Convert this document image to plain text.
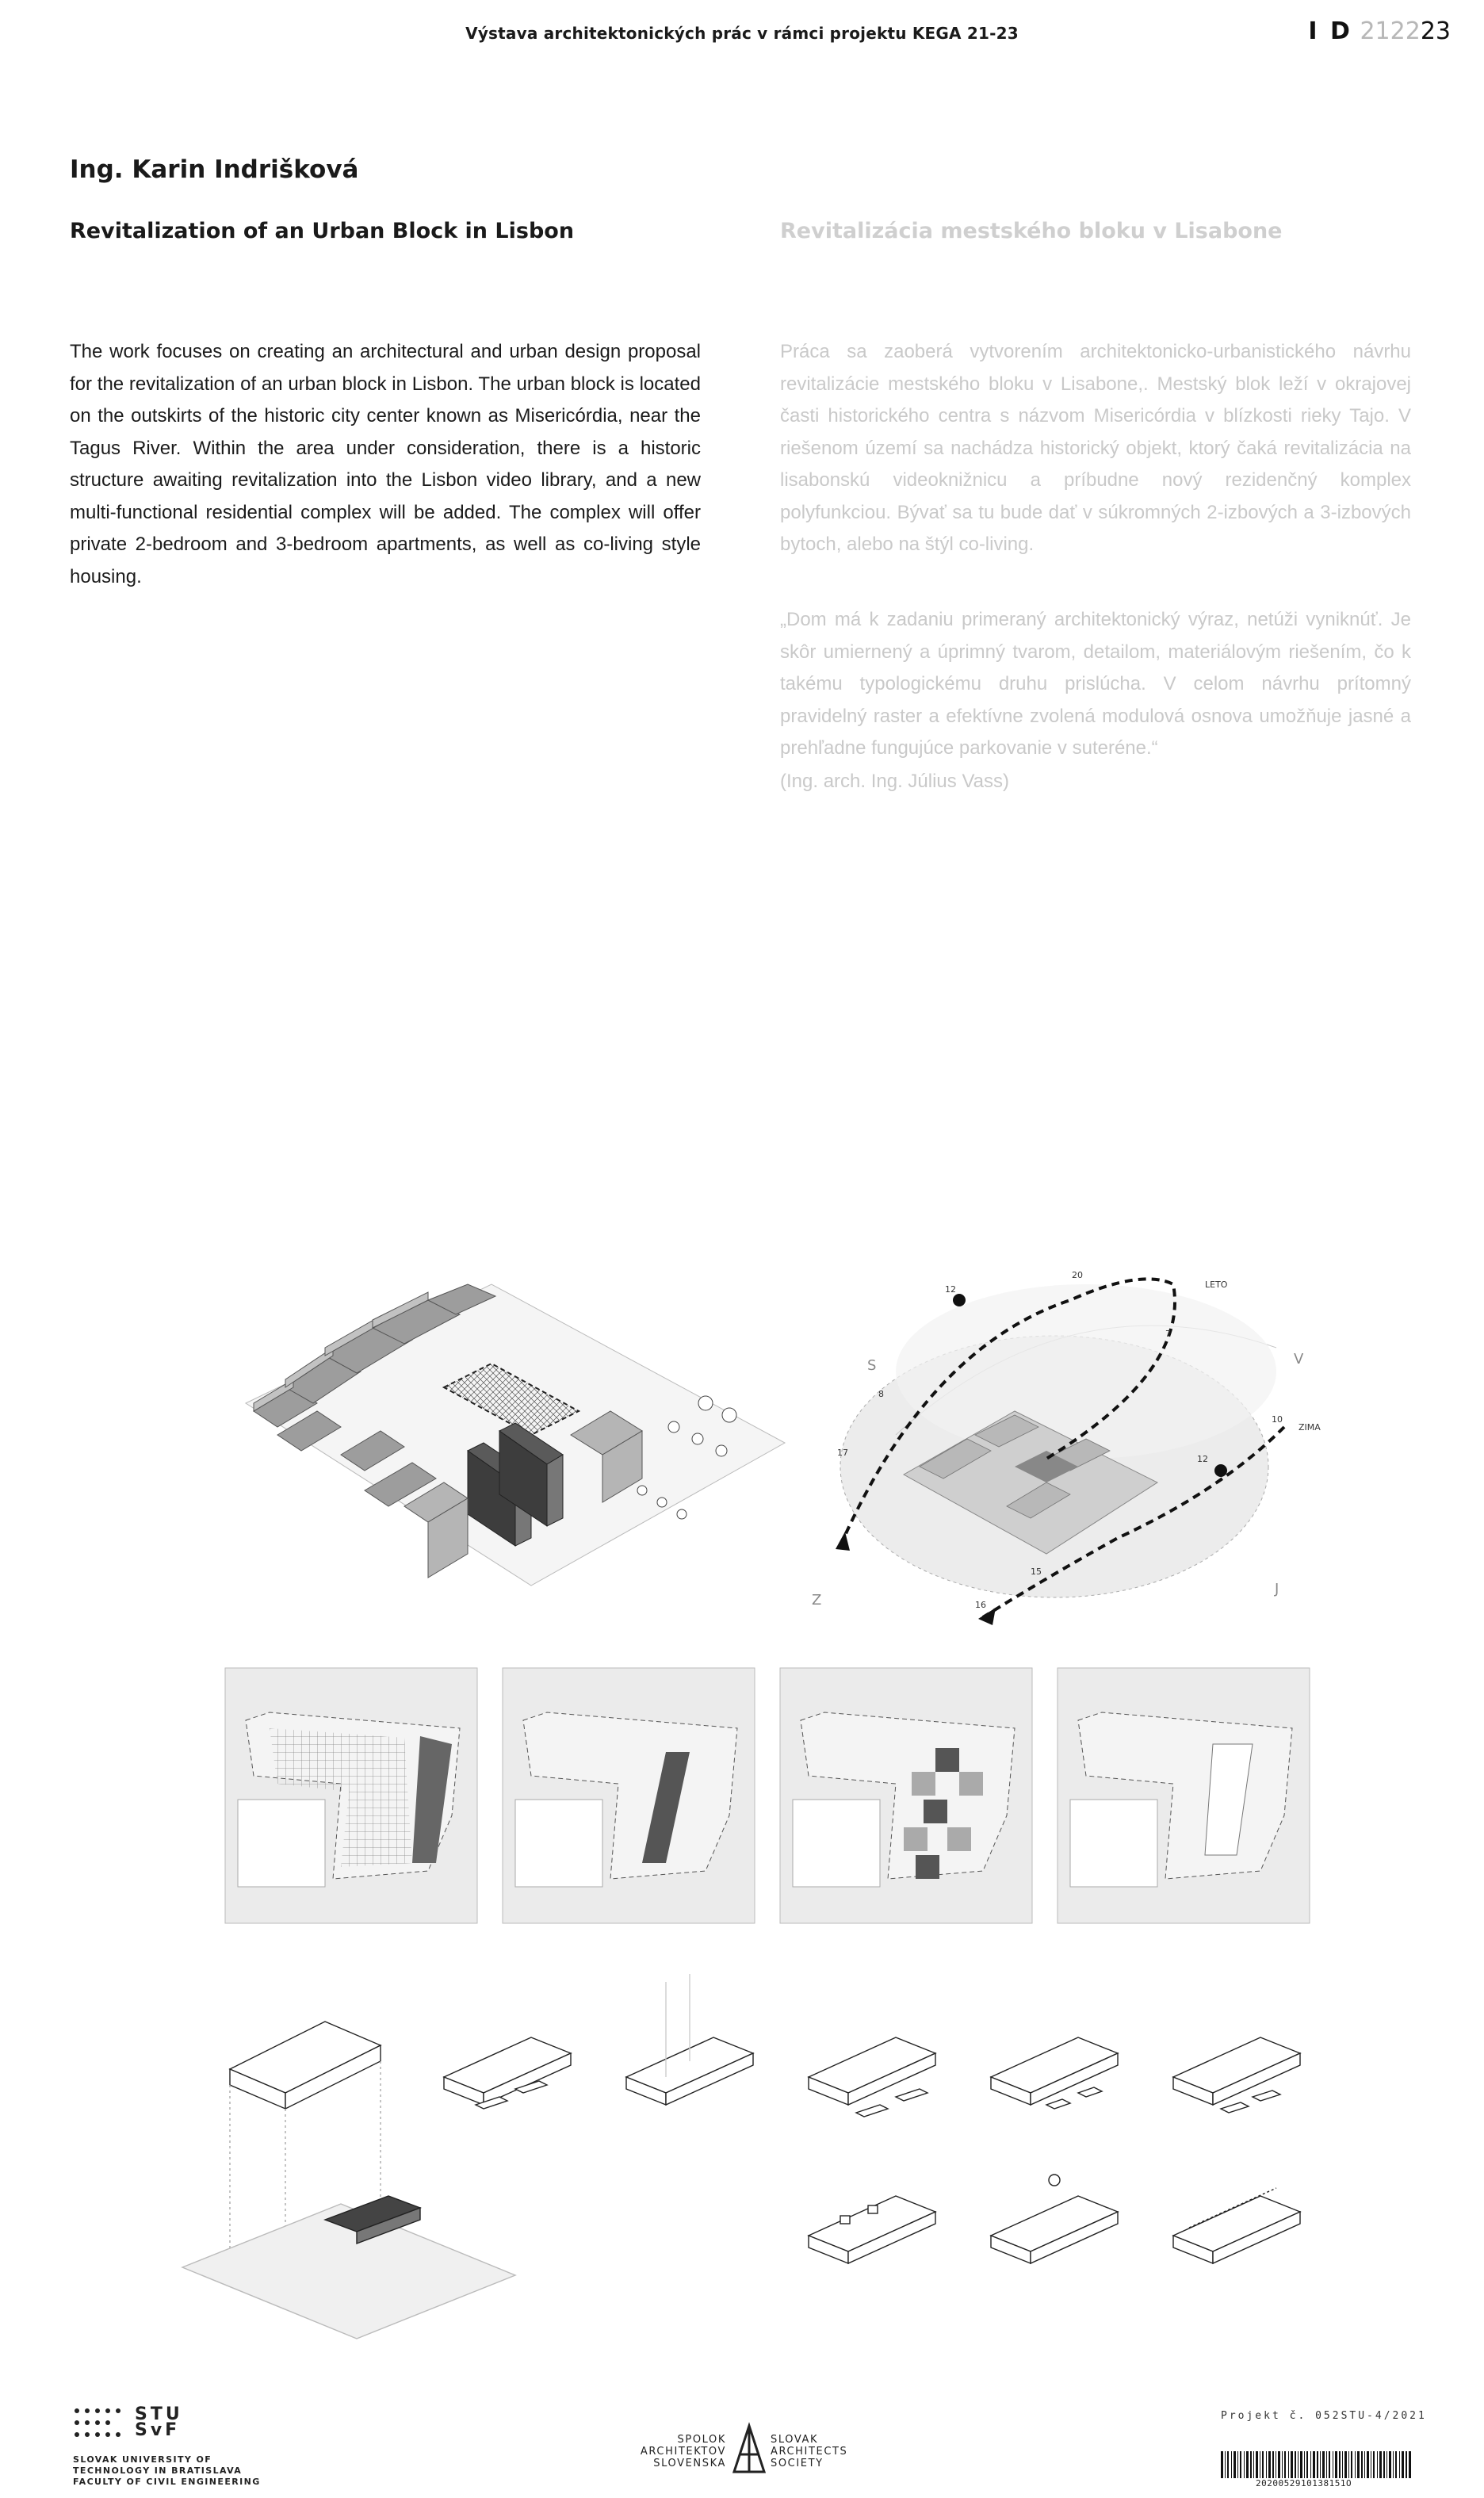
Výstava architektonických prác v rámci projektu KEGA 21-23	I D 212223
Ing. Karin Indrišková
Revitalization of an Urban Block in Lisbon	Revitalizácia mestského bloku v Lisabone
The work focuses on creating an architectural and urban design proposal for the revitalization of an urban block in Lisbon. The urban block is located on the outskirts of the historic city center known as Misericórdia, near the Tagus River. Within the area under consideration, there is a historic structure awaiting revitalization into the Lisbon video library, and a new multi-functional residential complex will be added. The complex will offer private 2-bedroom and 3-bedroom apartments, as well as co-living style housing.
Práca sa zaoberá vytvorením architektonicko-urbanistického návrhu revitalizácie mestského bloku v Lisabone,. Mestský blok leží v okrajovej časti historického centra s názvom Misericórdia v blízkosti rieky Tajo. V riešenom území sa nachádza historický objekt, ktorý čaká revitalizácia na lisabonskú videoknižnicu a príbudne nový rezidenčný komplex polyfunkciou. Bývať sa tu bude dať v súkromných 2-izbových a 3-izbových bytoch, alebo na štýl co-living.
„Dom má k zadaniu primeraný architektonický výraz, netúži vyniknúť. Je skôr umiernený a úprimný tvarom, detailom, materiálovým riešením, čo k takému typologickému druhu prislúcha. V celom návrhu prítomný pravidelný raster a efektívne zvolená modulová osnova umožňuje jasné a prehľadne fungujúce parkovanie v suteréne.“
(Ing. arch. Ing. Július Vass)
LETO
ZIMA
S	V
Z
J
20
12
7
17
10
12
15
16
8
STU
SvF
SLOVAK UNIVERSITY OF
TECHNOLOGY IN BRATISLAVA
FACULTY OF CIVIL ENGINEERING
SPOLOK
ARCHITEKTOV
SLOVENSKA
SLOVAK
ARCHITECTS
SOCIETY
Projekt č. 052STU-4/2021
2020052910138151O
